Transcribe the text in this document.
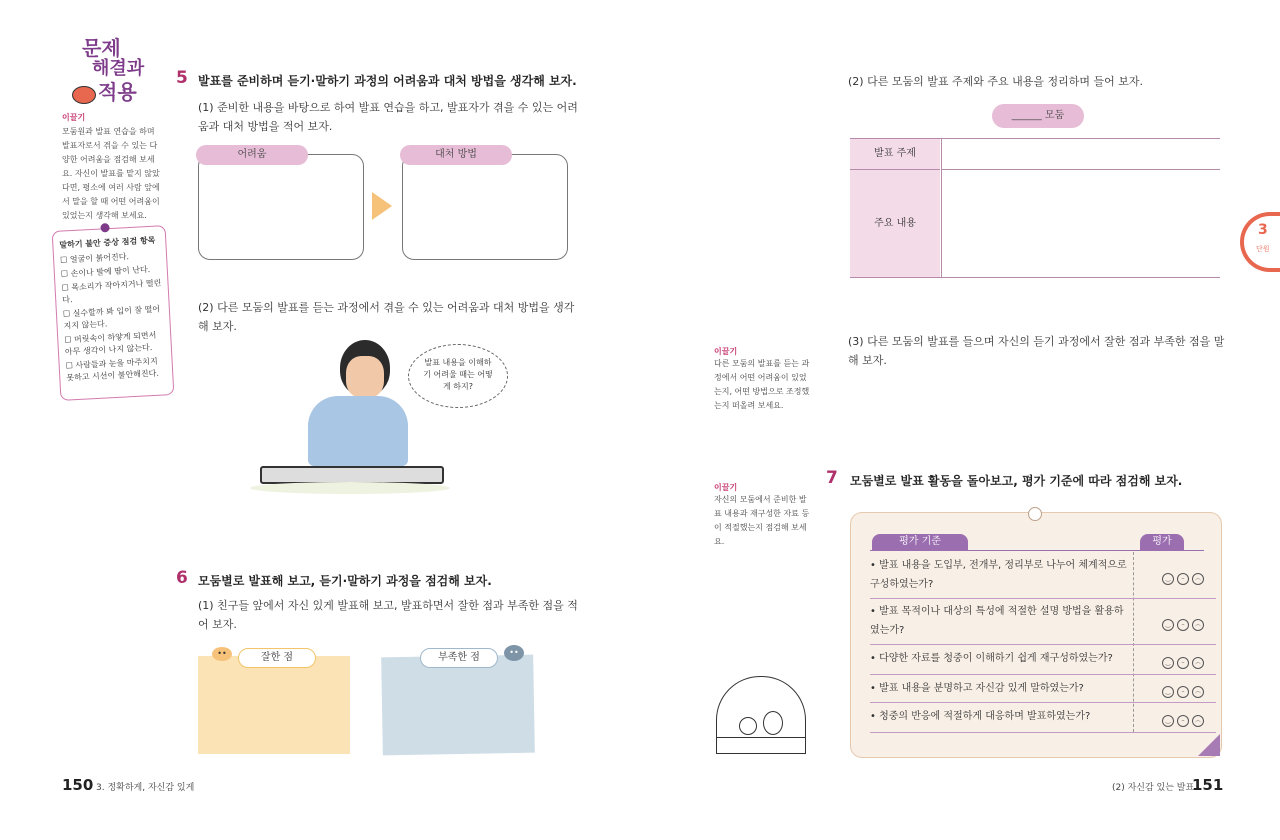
문제
해결과
적용
이끌기
모둠원과 발표 연습을 하며 발표자로서 겪을 수 있는 다양한 어려움을 점검해 보세요. 자신이 발표를 맡지 않았다면, 평소에 여러 사람 앞에서 말을 할 때 어떤 어려움이 있었는지 생각해 보세요.
말하기 불안 증상 점검 항목
☐ 얼굴이 붉어진다.
☐ 손이나 발에 땀이 난다.
☐ 목소리가 작아지거나 떨린다.
☐ 실수할까 봐 입이 잘 떨어지지 않는다.
☐ 머릿속이 하얗게 되면서 아무 생각이 나지 않는다.
☐ 사람들과 눈을 마주치지 못하고 시선이 불안해진다.
5 발표를 준비하며 듣기·말하기 과정의 어려움과 대처 방법을 생각해 보자.
(1) 준비한 내용을 바탕으로 하여 발표 연습을 하고, 발표자가 겪을 수 있는 어려움과 대처 방법을 적어 보자.
어려움	대처 방법
(2) 다른 모둠의 발표를 듣는 과정에서 겪을 수 있는 어려움과 대처 방법을 생각해 보자.
발표 내용을 이해하기 어려울 때는 어떻게 하지?
6 모둠별로 발표해 보고, 듣기·말하기 과정을 점검해 보자.
(1) 친구들 앞에서 자신 있게 발표해 보고, 발표하면서 잘한 점과 부족한 점을 적어 보자.
••	잘한 점	부족한 점	••
150 3. 정확하게, 자신감 있게
(2) 다른 모둠의 발표 주제와 주요 내용을 정리하며 들어 보자.
______ 모둠
발표 주제
주요 내용
이끌기
다른 모둠의 발표를 듣는 과정에서 어떤 어려움이 있었는지, 어떤 방법으로 조정했는지 떠올려 보세요.
(3) 다른 모둠의 발표를 들으며 자신의 듣기 과정에서 잘한 점과 부족한 점을 말해 보자.
이끌기
자신의 모둠에서 준비한 발표 내용과 재구성한 자료 등이 적절했는지 점검해 보세요.
7 모둠별로 발표 활동을 돌아보고, 평가 기준에 따라 점검해 보자.
평가 기준	평가
• 발표 내용을 도입부, 전개부, 정리부로 나누어 체계적으로 구성하였는가?
‿ – ︵
• 발표 목적이나 대상의 특성에 적절한 설명 방법을 활용하였는가?
‿ – ︵
• 다양한 자료를 청중이 이해하기 쉽게 재구성하였는가?	‿ – ︵
• 발표 내용을 분명하고 자신감 있게 말하였는가?	‿ – ︵
• 청중의 반응에 적절하게 대응하며 발표하였는가?	‿ – ︵
3
단원
(2) 자신감 있는 발표
151
